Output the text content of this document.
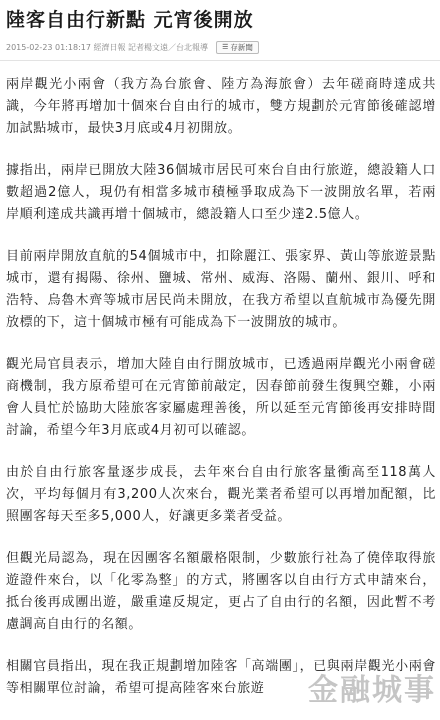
陸客自由行新點 元宵後開放
2015-02-23 01:18:17 經濟日報 記者楊文遠／台北報導 ☰ 存新聞

兩岸觀光小兩會（我方為台旅會、陸方為海旅會）去年磋商時達成共識，今年將再增加十個來台自由行的城市，雙方規劃於元宵節後確認增加試點城市，最快3月底或4月初開放。

據指出，兩岸已開放大陸36個城市居民可來台自由行旅遊，總設籍人口數超過2億人，現仍有相當多城市積極爭取成為下一波開放名單，若兩岸順利達成共識再增十個城市，總設籍人口至少達2.5億人。

目前兩岸開放直航的54個城市中，扣除麗江、張家界、黃山等旅遊景點城市，還有揭陽、徐州、鹽城、常州、威海、洛陽、蘭州、銀川、呼和浩特、烏魯木齊等城市居民尚未開放，在我方希望以直航城市為優先開放標的下，這十個城市極有可能成為下一波開放的城市。

觀光局官員表示，增加大陸自由行開放城市，已透過兩岸觀光小兩會磋商機制，我方原希望可在元宵節前敲定，因春節前發生復興空難，小兩會人員忙於協助大陸旅客家屬處理善後，所以延至元宵節後再安排時間討論，希望今年3月底或4月初可以確認。

由於自由行旅客量逐步成長，去年來台自由行旅客量衝高至118萬人次，平均每個月有3,200人次來台，觀光業者希望可以再增加配額，比照團客每天至多5,000人，好讓更多業者受益。

但觀光局認為，現在因團客名額嚴格限制，少數旅行社為了僥倖取得旅遊證件來台，以「化零為整」的方式，將團客以自由行方式申請來台，抵台後再成團出遊，嚴重違反規定，更占了自由行的名額，因此暫不考慮調高自由行的名額。

相關官員指出，現在我正規劃增加陸客「高端團」，已與兩岸觀光小兩會等相關單位討論，希望可提高陸客來台旅遊	金融城事
